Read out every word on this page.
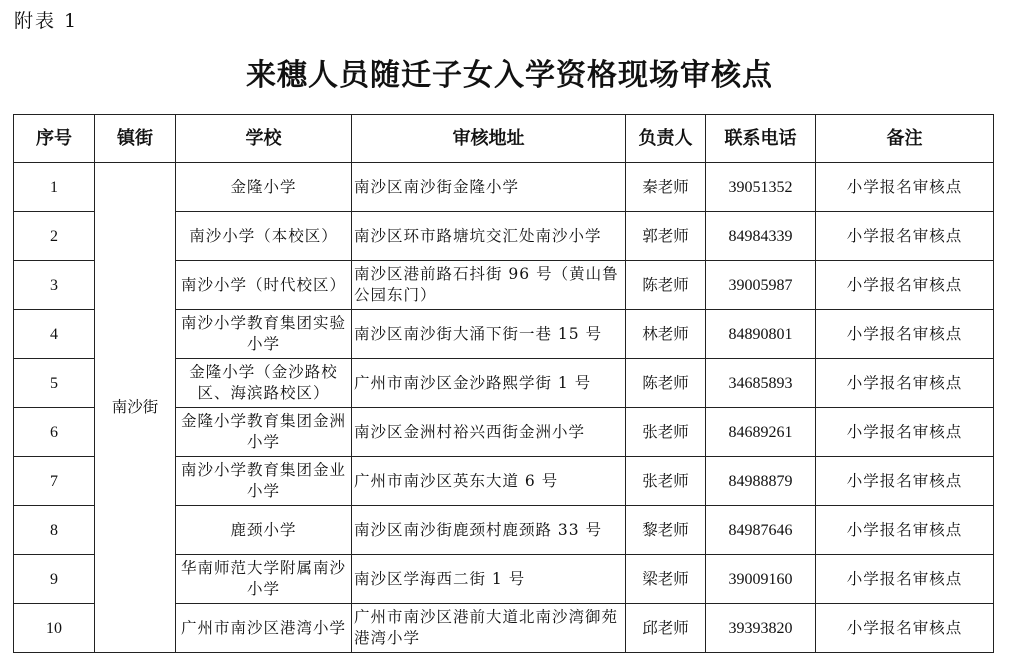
附表 1
来穗人员随迁子女入学资格现场审核点
序号	镇街	学校	审核地址	负责人	联系电话	备注
1	南沙街	金隆小学	南沙区南沙街金隆小学	秦老师	39051352	小学报名审核点
2		南沙小学（本校区）	南沙区环市路塘坑交汇处南沙小学	郭老师	84984339	小学报名审核点
3		南沙小学（时代校区）	南沙区港前路石抖街 96 号（黄山鲁公园东门）	陈老师	39005987	小学报名审核点
4		南沙小学教育集团实验小学	南沙区南沙街大涌下街一巷 15 号	林老师	84890801	小学报名审核点
5		金隆小学（金沙路校区、海滨路校区）	广州市南沙区金沙路熙学街 1 号	陈老师	34685893	小学报名审核点
6		金隆小学教育集团金洲小学	南沙区金洲村裕兴西街金洲小学	张老师	84689261	小学报名审核点
7		南沙小学教育集团金业小学	广州市南沙区英东大道 6 号	张老师	84988879	小学报名审核点
8		鹿颈小学	南沙区南沙街鹿颈村鹿颈路 33 号	黎老师	84987646	小学报名审核点
9		华南师范大学附属南沙小学	南沙区学海西二街 1 号	梁老师	39009160	小学报名审核点
10		广州市南沙区港湾小学	广州市南沙区港前大道北南沙湾御苑港湾小学	邱老师	39393820	小学报名审核点
